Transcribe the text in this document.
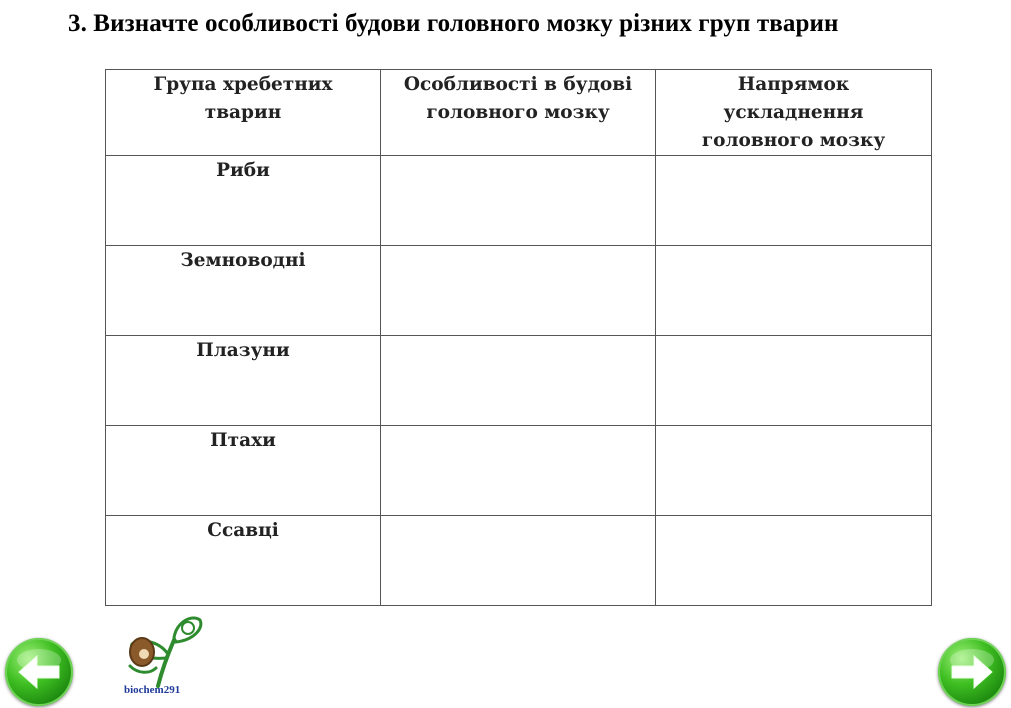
3. Визначте особливості будови головного мозку різних груп тварин
Група хребетних тварин	Особливості в будові головного мозку	Напрямок ускладнення головного мозку
Риби		
Земноводні		
Плазуни		
Птахи		
Ссавці		
biochem291
